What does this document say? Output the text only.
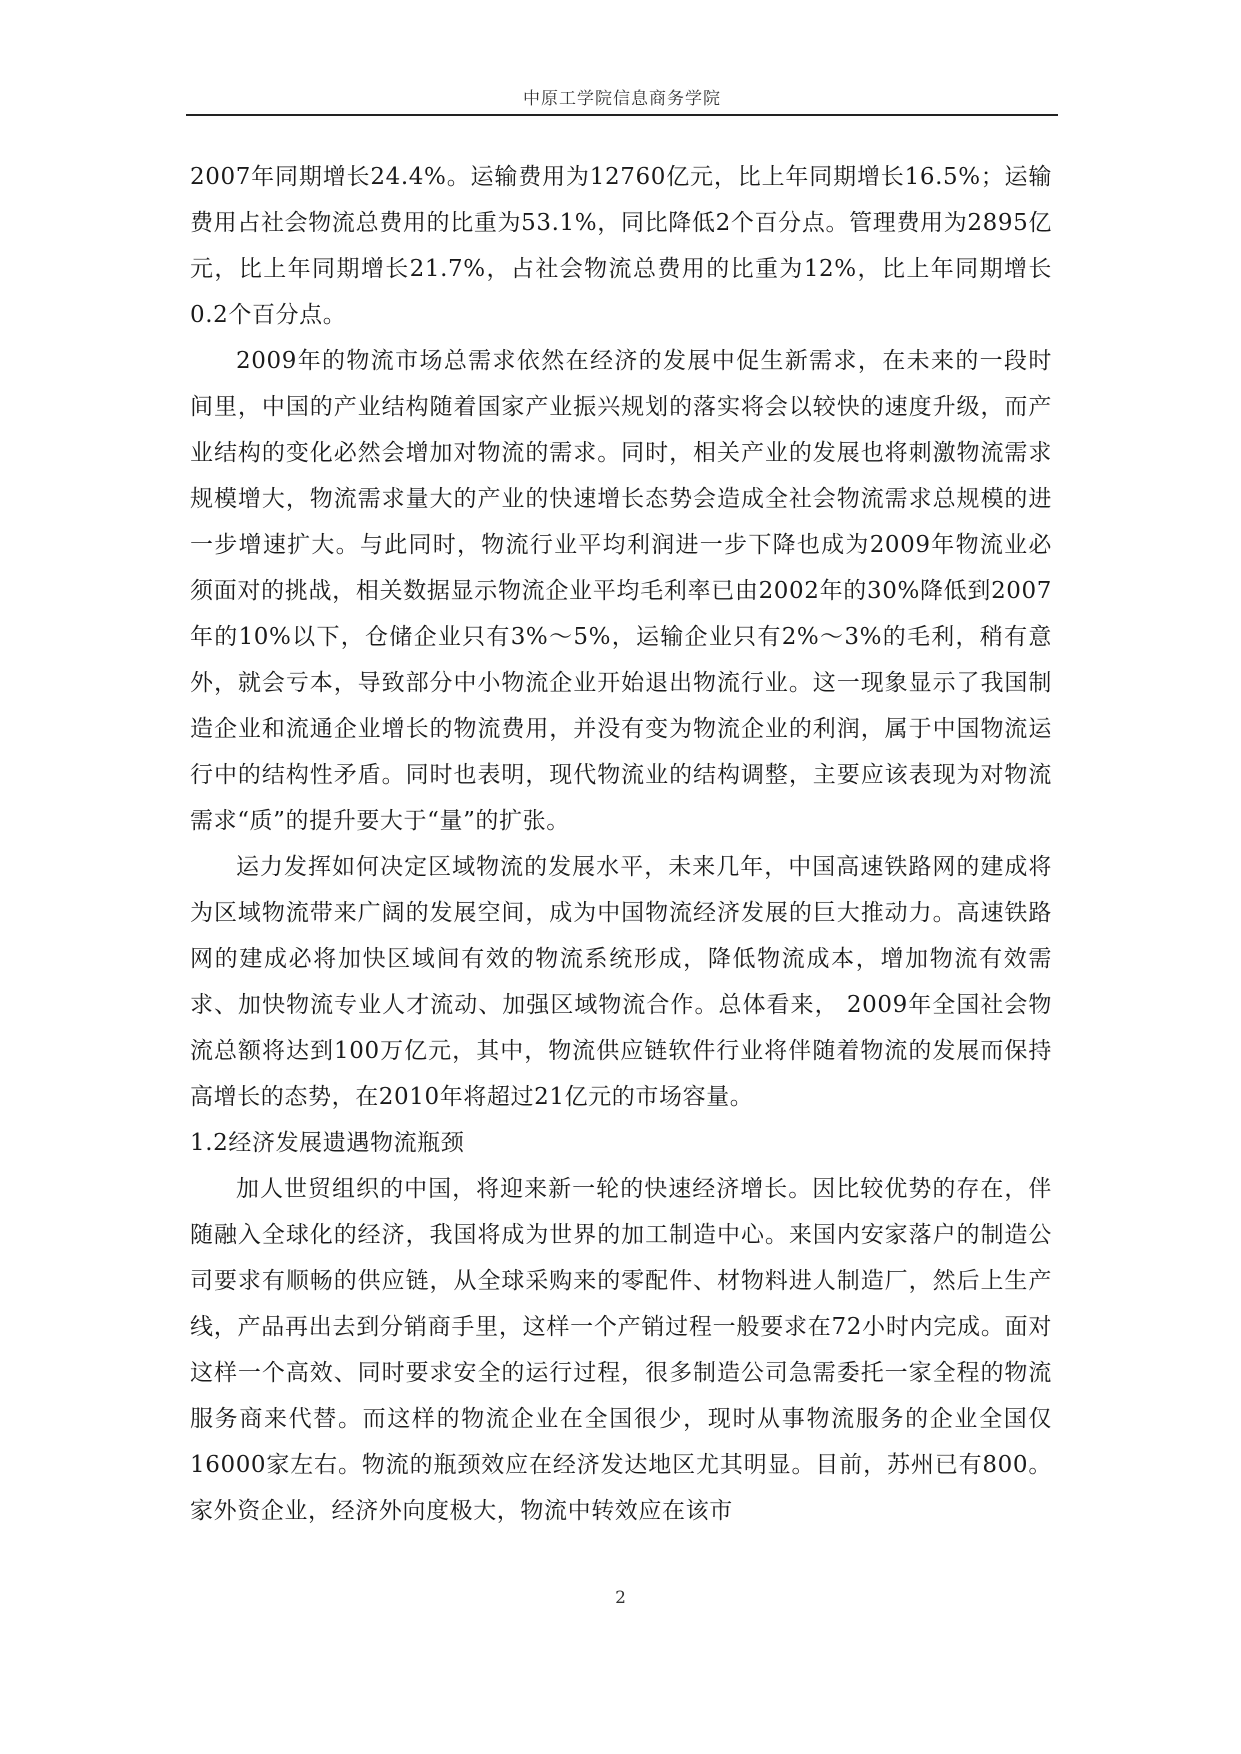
中原工学院信息商务学院

2007年同期增长24.4%。运输费用为12760亿元，比上年同期增长16.5%；运输费用占社会物流总费用的比重为53.1%，同比降低2个百分点。管理费用为2895亿元，比上年同期增长21.7%，占社会物流总费用的比重为12%，比上年同期增长0.2个百分点。

2009年的物流市场总需求依然在经济的发展中促生新需求，在未来的一段时间里，中国的产业结构随着国家产业振兴规划的落实将会以较快的速度升级，而产业结构的变化必然会增加对物流的需求。同时，相关产业的发展也将刺激物流需求规模增大，物流需求量大的产业的快速增长态势会造成全社会物流需求总规模的进一步增速扩大。与此同时，物流行业平均利润进一步下降也成为2009年物流业必须面对的挑战，相关数据显示物流企业平均毛利率已由2002年的30%降低到2007年的10%以下，仓储企业只有3%～5%，运输企业只有2%～3%的毛利，稍有意外，就会亏本，导致部分中小物流企业开始退出物流行业。这一现象显示了我国制造企业和流通企业增长的物流费用，并没有变为物流企业的利润，属于中国物流运行中的结构性矛盾。同时也表明，现代物流业的结构调整，主要应该表现为对物流需求“质”的提升要大于“量”的扩张。

运力发挥如何决定区域物流的发展水平，未来几年，中国高速铁路网的建成将为区域物流带来广阔的发展空间，成为中国物流经济发展的巨大推动力。高速铁路网的建成必将加快区域间有效的物流系统形成，降低物流成本，增加物流有效需求、加快物流专业人才流动、加强区域物流合作。总体看来， 2009年全国社会物流总额将达到100万亿元，其中，物流供应链软件行业将伴随着物流的发展而保持高增长的态势，在2010年将超过21亿元的市场容量。

1.2经济发展遗遇物流瓶颈

加人世贸组织的中国，将迎来新一轮的快速经济增长。因比较优势的存在，伴随融入全球化的经济，我国将成为世界的加工制造中心。来国内安家落户的制造公司要求有顺畅的供应链，从全球采购来的零配件、材物料进人制造厂，然后上生产线，产品再出去到分销商手里，这样一个产销过程一般要求在72小时内完成。面对这样一个高效、同时要求安全的运行过程，很多制造公司急需委托一家全程的物流服务商来代替。而这样的物流企业在全国很少，现时从事物流服务的企业全国仅16000家左右。物流的瓶颈效应在经济发达地区尤其明显。目前，苏州已有800。家外资企业，经济外向度极大，物流中转效应在该市

2
